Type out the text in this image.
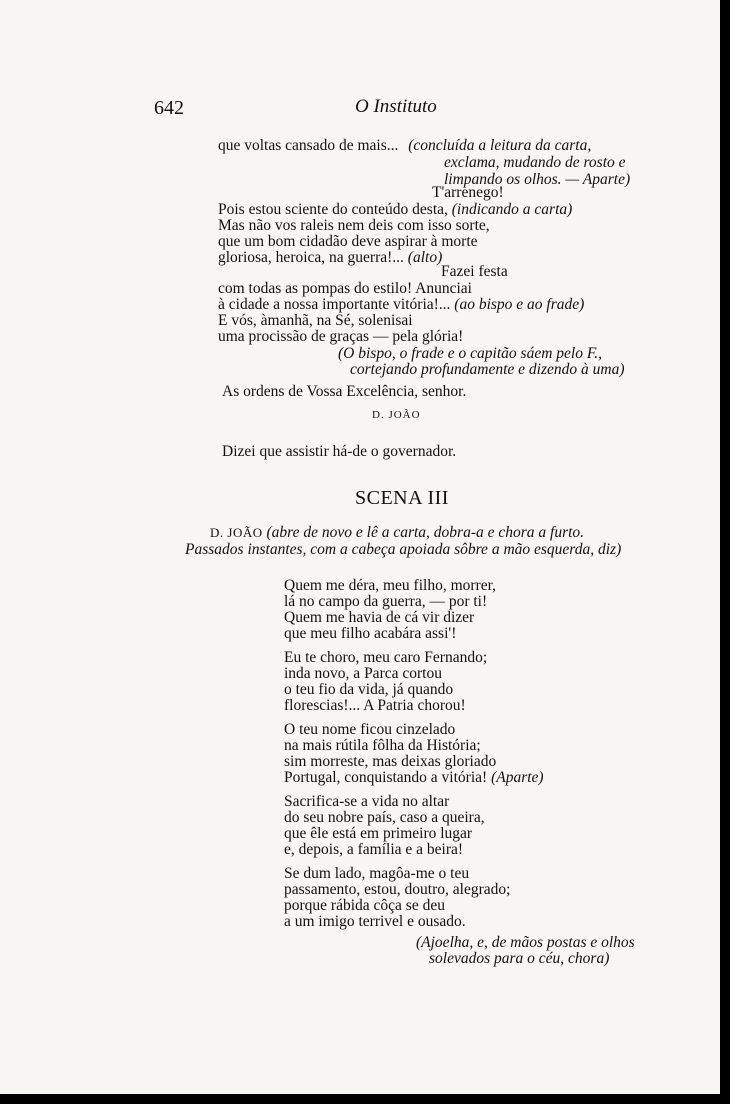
642	O Instituto
que voltas cansado de mais... (concluída a leitura da carta,
exclama, mudando de rosto e
limpando os olhos. — Aparte)
T'arrenego!
Pois estou sciente do conteúdo desta, (indicando a carta)
Mas não vos raleis nem deis com isso sorte,
que um bom cidadão deve aspirar à morte
gloriosa, heroica, na guerra!... (alto)
Fazei festa
com todas as pompas do estilo! Anunciai
à cidade a nossa importante vitória!... (ao bispo e ao frade)
E vós, àmanhã, na Sé, solenisai
uma procissão de graças — pela glória!
(O bispo, o frade e o capitão sáem pelo F.,
cortejando profundamente e dizendo à uma)
As ordens de Vossa Excelência, senhor.
D. JOÃO
Dizei que assistir há-de o governador.
SCENA III
D. JOÃO (abre de novo e lê a carta, dobra-a e chora a furto.
Passados instantes, com a cabeça apoiada sôbre a mão esquerda, diz)
Quem me déra, meu filho, morrer,
lá no campo da guerra, — por ti!
Quem me havia de cá vir dizer
que meu filho acabára assi'!
Eu te choro, meu caro Fernando;
inda novo, a Parca cortou
o teu fio da vida, já quando
florescias!... A Patria chorou!
O teu nome ficou cinzelado
na mais rútila fôlha da História;
sim morreste, mas deixas gloriado
Portugal, conquistando a vitória! (Aparte)
Sacrifica-se a vida no altar
do seu nobre país, caso a queira,
que êle está em primeiro lugar
e, depois, a família e a beira!
Se dum lado, magôa-me o teu
passamento, estou, doutro, alegrado;
porque rábida côça se deu
a um imigo terrivel e ousado.
(Ajoelha, e, de mãos postas e olhos
solevados para o céu, chora)
